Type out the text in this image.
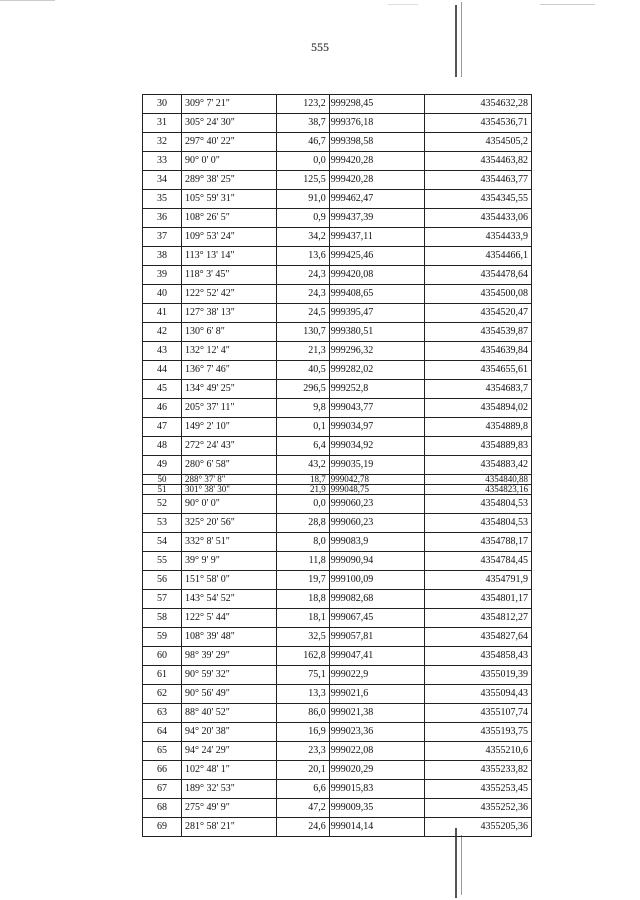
555
30	309° 7' 21"	123,2	999298,45	4354632,28
31	305° 24' 30"	38,7	999376,18	4354536,71
32	297° 40' 22"	46,7	999398,58	4354505,2
33	90° 0' 0"	0,0	999420,28	4354463,82
34	289° 38' 25"	125,5	999420,28	4354463,77
35	105° 59' 31"	91,0	999462,47	4354345,55
36	108° 26' 5"	0,9	999437,39	4354433,06
37	109° 53' 24"	34,2	999437,11	4354433,9
38	113° 13' 14"	13,6	999425,46	4354466,1
39	118° 3' 45"	24,3	999420,08	4354478,64
40	122° 52' 42"	24,3	999408,65	4354500,08
41	127° 38' 13"	24,5	999395,47	4354520,47
42	130° 6' 8"	130,7	999380,51	4354539,87
43	132° 12' 4"	21,3	999296,32	4354639,84
44	136° 7' 46"	40,5	999282,02	4354655,61
45	134° 49' 25"	296,5	999252,8	4354683,7
46	205° 37' 11"	9,8	999043,77	4354894,02
47	149° 2' 10"	0,1	999034,97	4354889,8
48	272° 24' 43"	6,4	999034,92	4354889,83
49	280° 6' 58"	43,2	999035,19	4354883,42
50	288° 37' 8"	18,7	999042,78	4354840,88
51	301° 38' 30"	21,9	999048,75	4354823,16
52	90° 0' 0"	0,0	999060,23	4354804,53
53	325° 20' 56"	28,8	999060,23	4354804,53
54	332° 8' 51"	8,0	999083,9	4354788,17
55	39° 9' 9"	11,8	999090,94	4354784,45
56	151° 58' 0"	19,7	999100,09	4354791,9
57	143° 54' 52"	18,8	999082,68	4354801,17
58	122° 5' 44"	18,1	999067,45	4354812,27
59	108° 39' 48"	32,5	999057,81	4354827,64
60	98° 39' 29"	162,8	999047,41	4354858,43
61	90° 59' 32"	75,1	999022,9	4355019,39
62	90° 56' 49"	13,3	999021,6	4355094,43
63	88° 40' 52"	86,0	999021,38	4355107,74
64	94° 20' 38"	16,9	999023,36	4355193,75
65	94° 24' 29"	23,3	999022,08	4355210,6
66	102° 48' 1"	20,1	999020,29	4355233,82
67	189° 32' 53"	6,6	999015,83	4355253,45
68	275° 49' 9"	47,2	999009,35	4355252,36
69	281° 58' 21"	24,6	999014,14	4355205,36
